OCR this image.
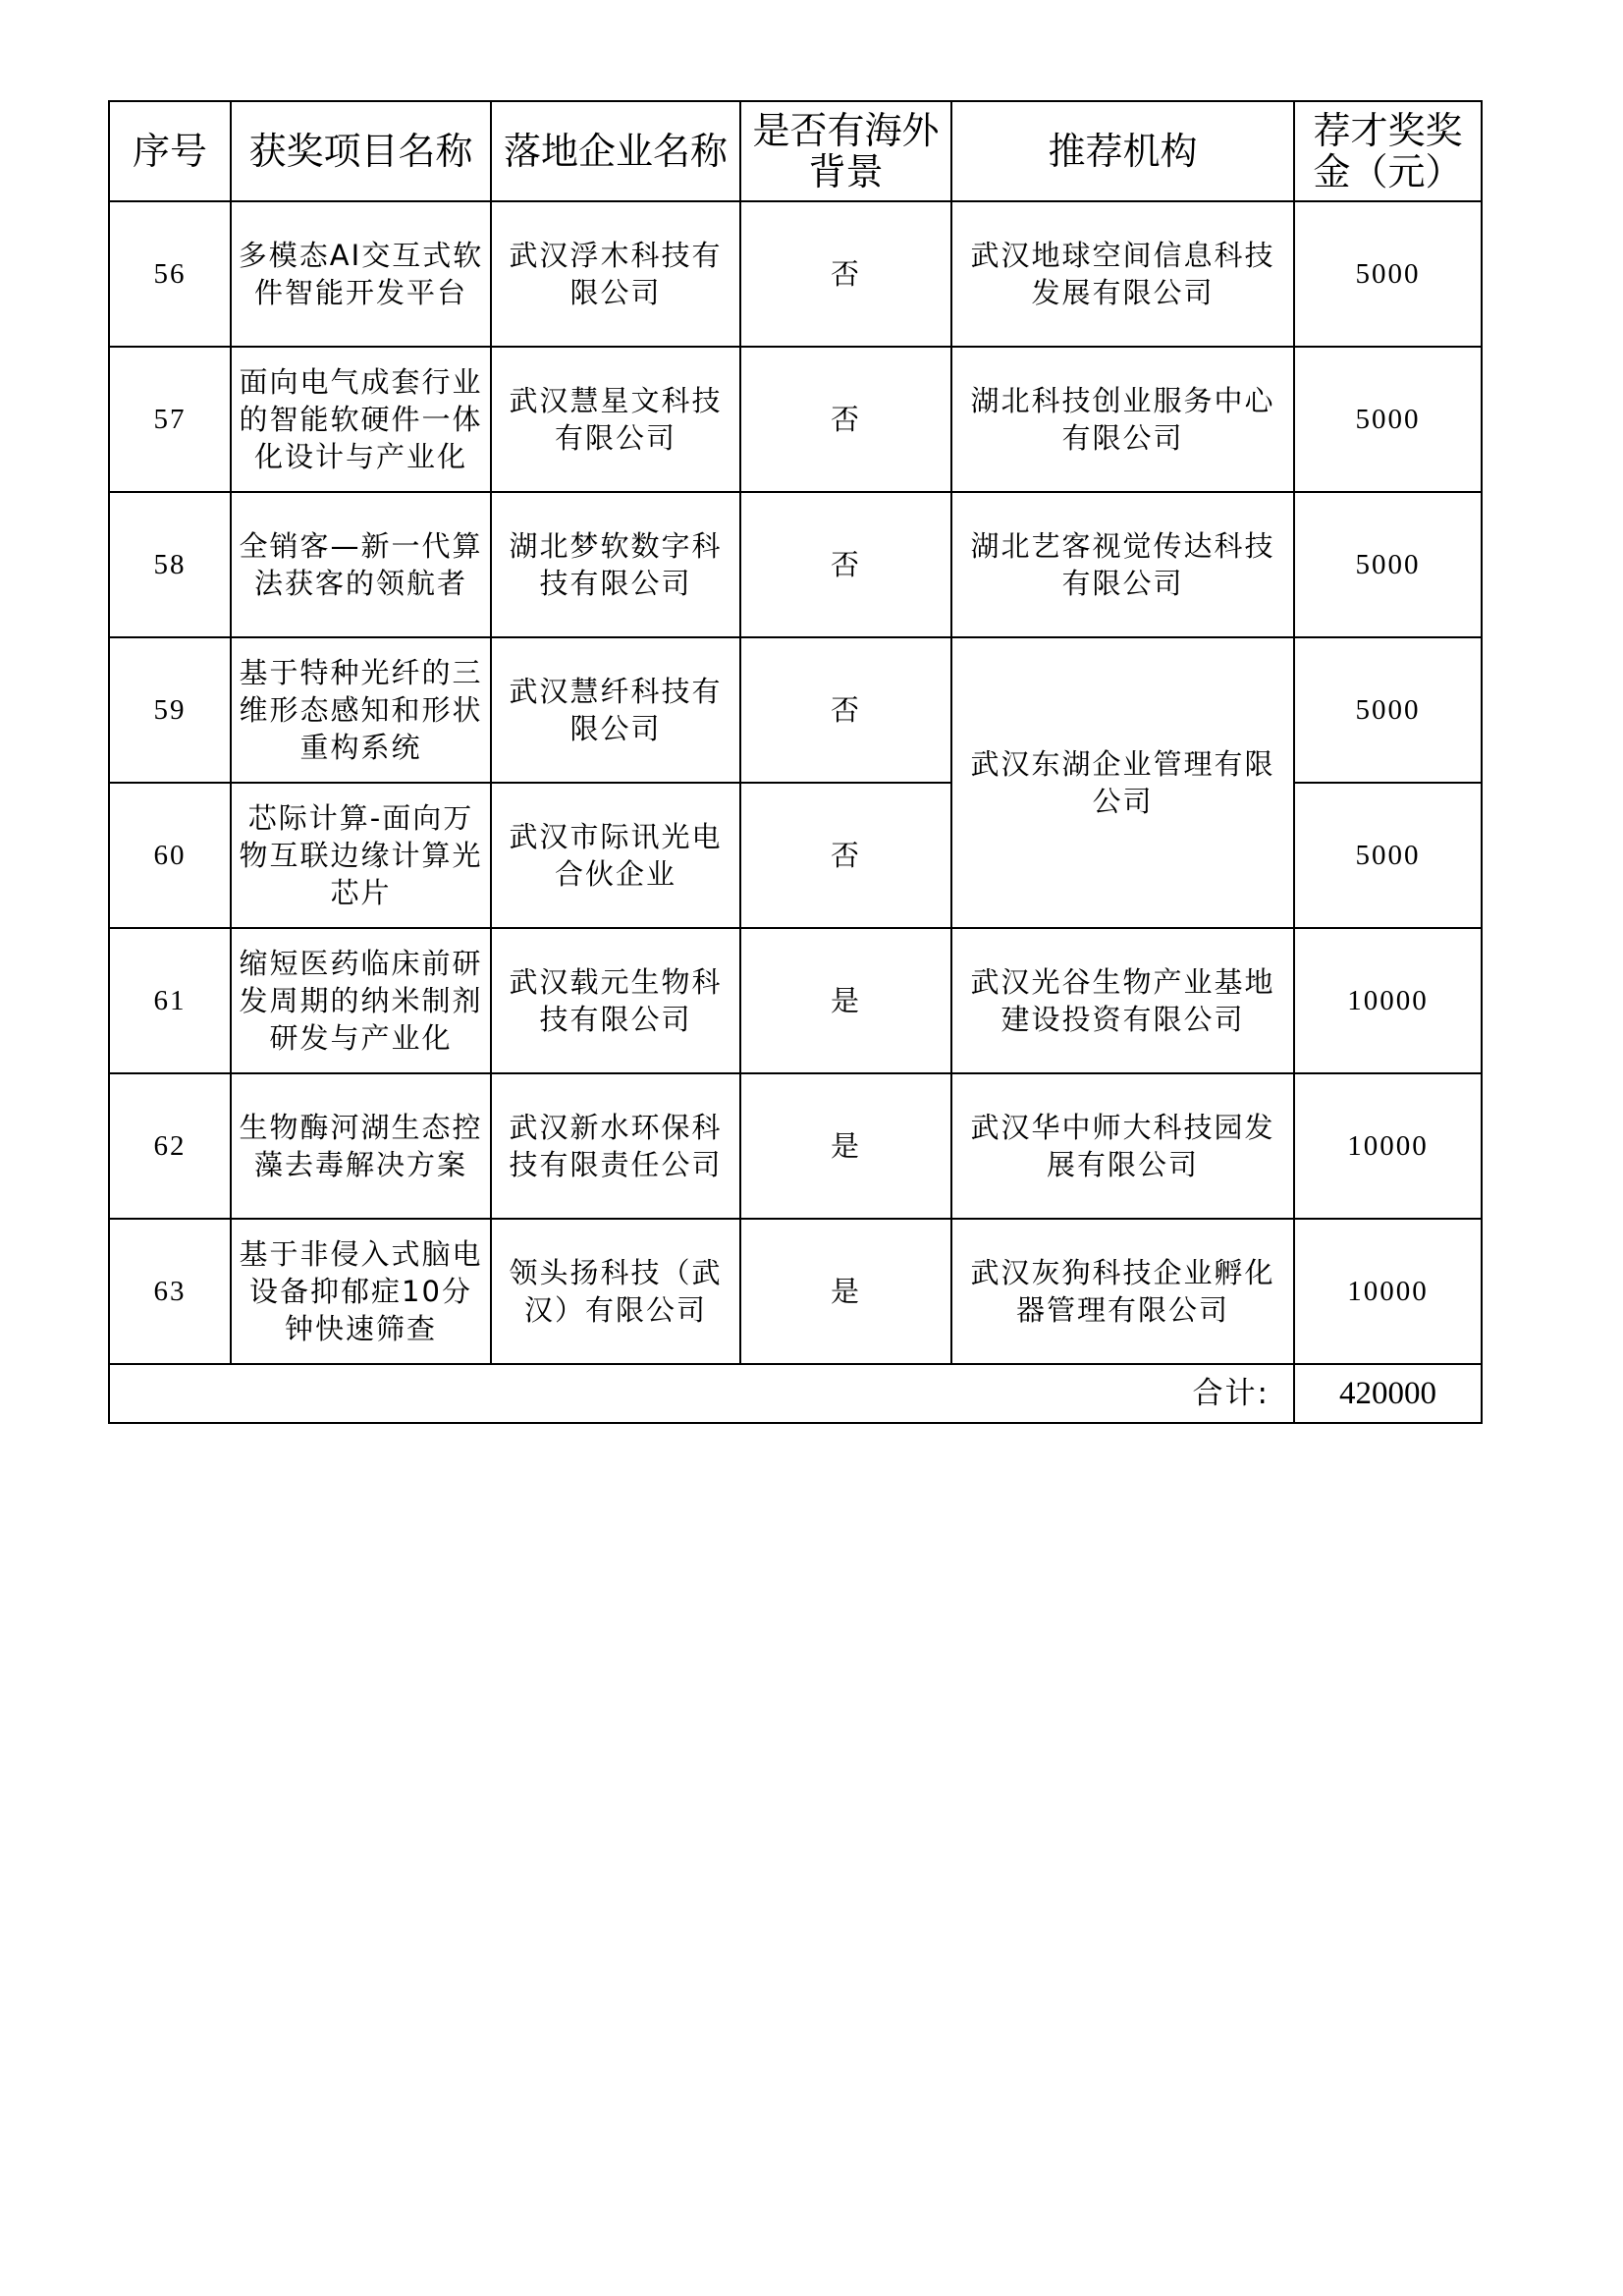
序号	获奖项目名称	落地企业名称	是否有海外背景	推荐机构	荐才奖奖金（元）
56	多模态AI交互式软件智能开发平台	武汉浮木科技有限公司	否	武汉地球空间信息科技发展有限公司	5000
57	面向电气成套行业的智能软硬件一体化设计与产业化	武汉慧星文科技有限公司	否	湖北科技创业服务中心有限公司	5000
58	全销客—新一代算法获客的领航者	湖北梦软数字科技有限公司	否	湖北艺客视觉传达科技有限公司	5000
59	基于特种光纤的三维形态感知和形状重构系统	武汉慧纤科技有限公司	否	武汉东湖企业管理有限公司	5000
60	芯际计算-面向万物互联边缘计算光芯片	武汉市际讯光电合伙企业	否		5000
61	缩短医药临床前研发周期的纳米制剂研发与产业化	武汉载元生物科技有限公司	是	武汉光谷生物产业基地建设投资有限公司	10000
62	生物酶河湖生态控藻去毒解决方案	武汉新水环保科技有限责任公司	是	武汉华中师大科技园发展有限公司	10000
63	基于非侵入式脑电设备抑郁症10分钟快速筛查	领头扬科技（武汉）有限公司	是	武汉灰狗科技企业孵化器管理有限公司	10000
合计:					420000
